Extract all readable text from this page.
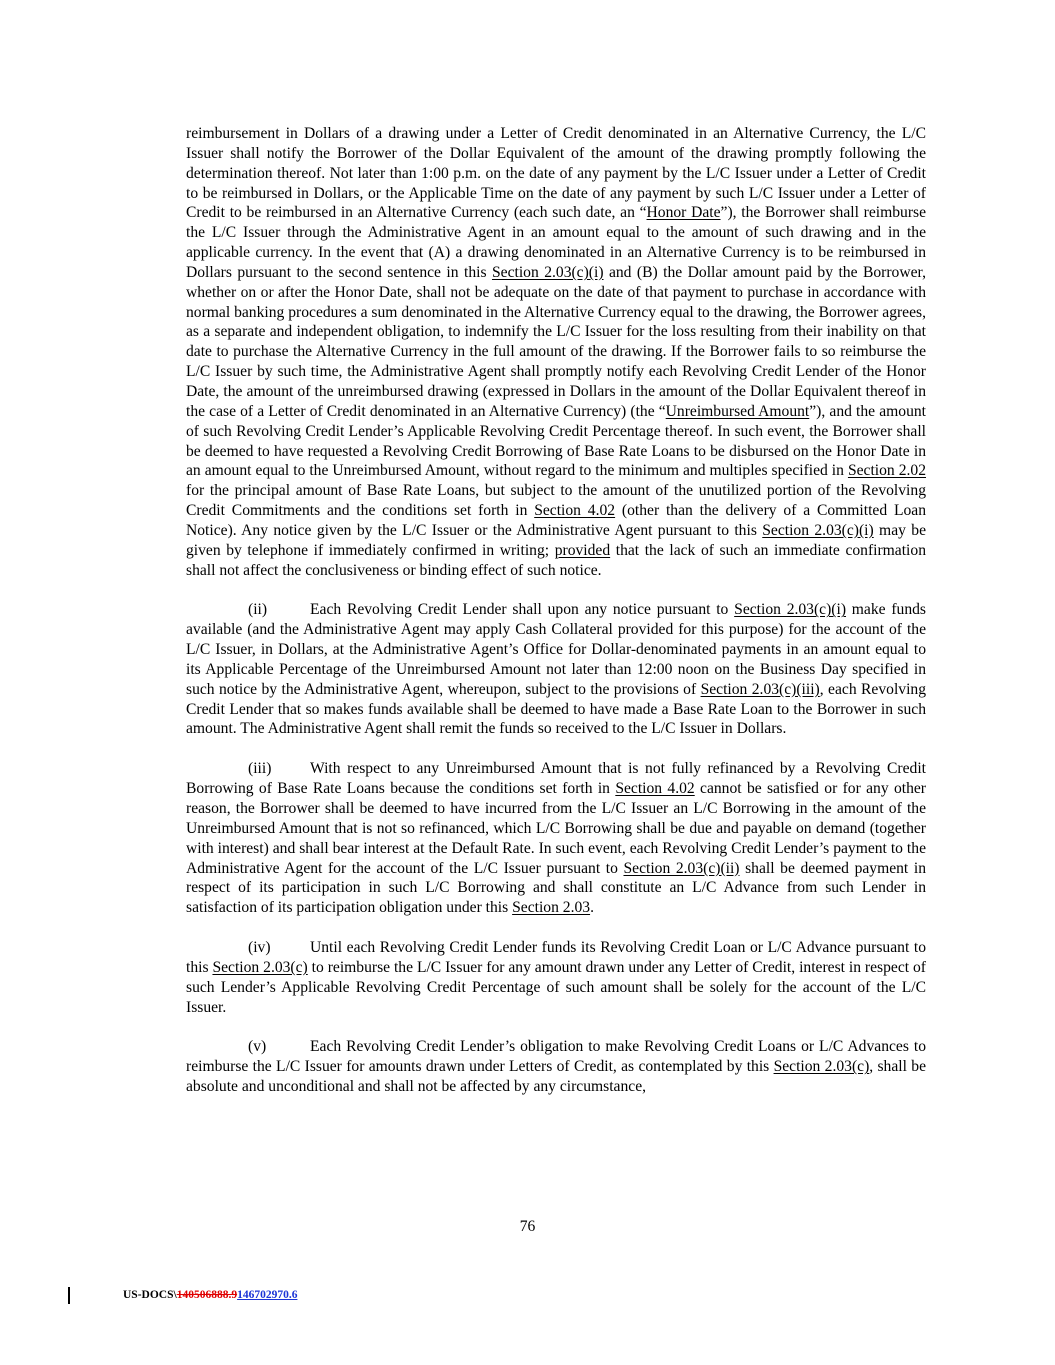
reimbursement in Dollars of a drawing under a Letter of Credit denominated in an Alternative Currency, the L/C Issuer shall notify the Borrower of the Dollar Equivalent of the amount of the drawing promptly following the determination thereof. Not later than 1:00 p.m. on the date of any payment by the L/C Issuer under a Letter of Credit to be reimbursed in Dollars, or the Applicable Time on the date of any payment by such L/C Issuer under a Letter of Credit to be reimbursed in an Alternative Currency (each such date, an “Honor Date”), the Borrower shall reimburse the L/C Issuer through the Administrative Agent in an amount equal to the amount of such drawing and in the applicable currency. In the event that (A) a drawing denominated in an Alternative Currency is to be reimbursed in Dollars pursuant to the second sentence in this Section 2.03(c)(i) and (B) the Dollar amount paid by the Borrower, whether on or after the Honor Date, shall not be adequate on the date of that payment to purchase in accordance with normal banking procedures a sum denominated in the Alternative Currency equal to the drawing, the Borrower agrees, as a separate and independent obligation, to indemnify the L/C Issuer for the loss resulting from their inability on that date to purchase the Alternative Currency in the full amount of the drawing. If the Borrower fails to so reimburse the L/C Issuer by such time, the Administrative Agent shall promptly notify each Revolving Credit Lender of the Honor Date, the amount of the unreimbursed drawing (expressed in Dollars in the amount of the Dollar Equivalent thereof in the case of a Letter of Credit denominated in an Alternative Currency) (the “Unreimbursed Amount”), and the amount of such Revolving Credit Lender’s Applicable Revolving Credit Percentage thereof. In such event, the Borrower shall be deemed to have requested a Revolving Credit Borrowing of Base Rate Loans to be disbursed on the Honor Date in an amount equal to the Unreimbursed Amount, without regard to the minimum and multiples specified in Section 2.02 for the principal amount of Base Rate Loans, but subject to the amount of the unutilized portion of the Revolving Credit Commitments and the conditions set forth in Section 4.02 (other than the delivery of a Committed Loan Notice). Any notice given by the L/C Issuer or the Administrative Agent pursuant to this Section 2.03(c)(i) may be given by telephone if immediately confirmed in writing; provided that the lack of such an immediate confirmation shall not affect the conclusiveness or binding effect of such notice.

(ii)	Each Revolving Credit Lender shall upon any notice pursuant to Section 2.03(c)(i) make funds available (and the Administrative Agent may apply Cash Collateral provided for this purpose) for the account of the L/C Issuer, in Dollars, at the Administrative Agent’s Office for Dollar-denominated payments in an amount equal to its Applicable Percentage of the Unreimbursed Amount not later than 12:00 noon on the Business Day specified in such notice by the Administrative Agent, whereupon, subject to the provisions of Section 2.03(c)(iii), each Revolving Credit Lender that so makes funds available shall be deemed to have made a Base Rate Loan to the Borrower in such amount. The Administrative Agent shall remit the funds so received to the L/C Issuer in Dollars.

(iii) With respect to any Unreimbursed Amount that is not fully refinanced by a Revolving Credit Borrowing of Base Rate Loans because the conditions set forth in Section 4.02 cannot be satisfied or for any other reason, the Borrower shall be deemed to have incurred from the L/C Issuer an L/C Borrowing in the amount of the Unreimbursed Amount that is not so refinanced, which L/C Borrowing shall be due and payable on demand (together with interest) and shall bear interest at the Default Rate. In such event, each Revolving Credit Lender’s payment to the Administrative Agent for the account of the L/C Issuer pursuant to Section 2.03(c)(ii) shall be deemed payment in respect of its participation in such L/C Borrowing and shall constitute an L/C Advance from such Lender in satisfaction of its participation obligation under this Section 2.03.

(iv)	Until each Revolving Credit Lender funds its Revolving Credit Loan or L/C Advance pursuant to this Section 2.03(c) to reimburse the L/C Issuer for any amount drawn under any Letter of Credit, interest in respect of such Lender’s Applicable Revolving Credit Percentage of such amount shall be solely for the account of the L/C Issuer.

(v)	Each Revolving Credit Lender’s obligation to make Revolving Credit Loans or L/C Advances to reimburse the L/C Issuer for amounts drawn under Letters of Credit, as contemplated by this Section 2.03(c), shall be absolute and unconditional and shall not be affected by any circumstance,

76
US-DOCS\140506888.9146702970.6
